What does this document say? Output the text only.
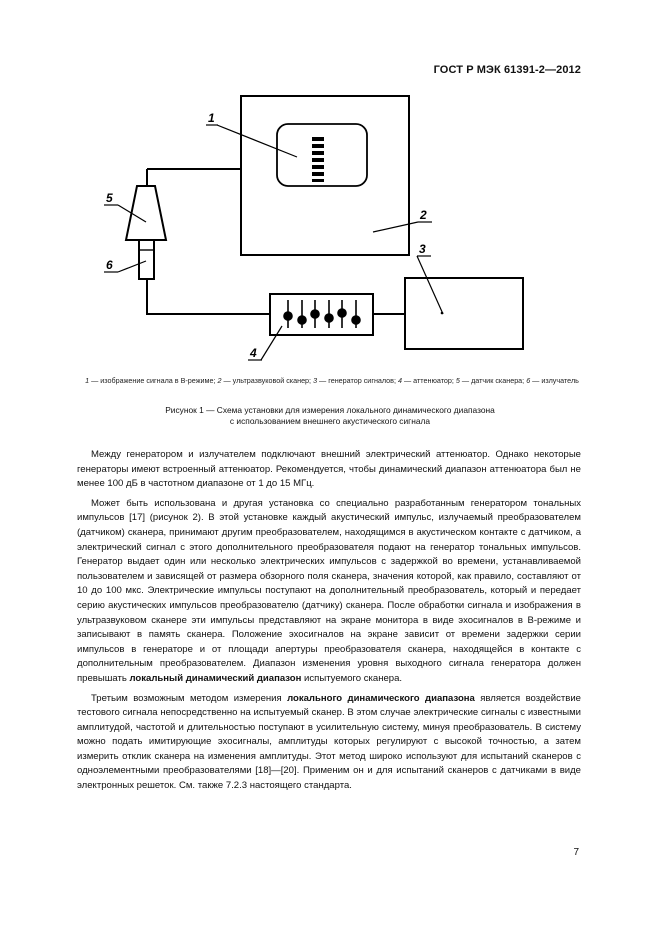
ГОСТ Р МЭК 61391-2—2012
1
2
3
4
5
6
1 — изображение сигнала в В-режиме; 2 — ультразвуковой сканер; 3 — генератор сигналов; 4 — аттенюатор; 5 — датчик сканера; 6 — излучатель
Рисунок 1 — Схема установки для измерения локального динамического диапазона
с использованием внешнего акустического сигнала

Между генератором и излучателем подключают внешний электрический аттенюатор. Однако некоторые генераторы имеют встроенный аттенюатор. Рекомендуется, чтобы динамический диапазон аттенюатора был не менее 100 дБ в частотном диапазоне от 1 до 15 МГц.

Может быть использована и другая установка со специально разработанным генератором тональных импульсов [17] (рисунок 2). В этой установке каждый акустический импульс, излучаемый преобразователем (датчиком) сканера, принимают другим преобразователем, находящимся в акустическом контакте с датчиком, а электрический сигнал с этого дополнительного преобразователя подают на генератор тональных импульсов. Генератор выдает один или несколько электрических импульсов с задержкой во времени, устанавливаемой пользователем и зависящей от размера обзорного поля сканера, значения которой, как правило, составляют от 10 до 100 мкс. Электрические импульсы поступают на дополнительный преобразователь, который и передает серию акустических импульсов преобразователю (датчику) сканера. После обработки сигнала и изображения в ультразвуковом сканере эти импульсы представляют на экране монитора в виде эхосигналов в В-режиме и записывают в память сканера. Положение эхосигналов на экране зависит от времени задержки серии импульсов в генераторе и от площади апертуры преобразователя сканера, находящейся в контакте с дополнительным преобразователем. Диапазон изменения уровня выходного сигнала генератора должен превышать локальный динамический диапазон испытуемого сканера.

Третьим возможным методом измерения локального динамического диапазона является воздействие тестового сигнала непосредственно на испытуемый сканер. В этом случае электрические сигналы с известными амплитудой, частотой и длительностью поступают в усилительную систему, минуя преобразователь. В систему можно подать имитирующие эхосигналы, амплитуды которых регулируют с высокой точностью, а затем измерить отклик сканера на изменения амплитуды. Этот метод широко используют для испытаний сканеров с одноэлементными преобразователями [18]—[20]. Применим он и для испытаний сканеров с датчиками в виде электронных решеток. См. также 7.2.3 настоящего стандарта.

7
